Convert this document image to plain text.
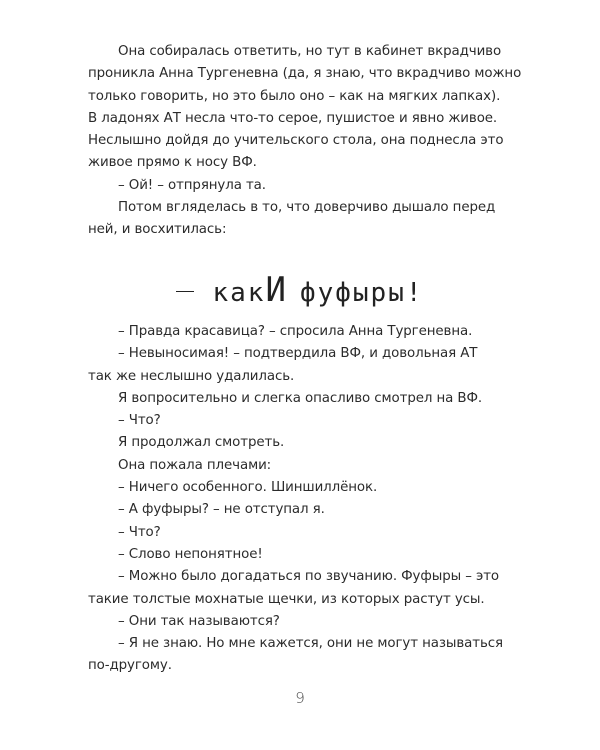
Она собиралась ответить, но тут в кабинет вкрадчиво
проникла Анна Тургеневна (да, я знаю, что вкрадчиво можно
только говорить, но это было оно – как на мягких лапках).
В ладонях АТ несла что-то серое, пушистое и явно живое.
Неслышно дойдя до учительского стола, она поднесла это
живое прямо к носу ВФ.
– Ой! – отпрянула та.
Потом вгляделась в то, что доверчиво дышало перед
ней, и восхитилась:
какИ фуфыры!
– Правда красавица? – спросила Анна Тургеневна.
– Невыносимая! – подтвердила ВФ, и довольная АТ
так же неслышно удалилась.
Я вопросительно и слегка опасливо смотрел на ВФ.
– Что?
Я продолжал смотреть.
Она пожала плечами:
– Ничего особенного. Шиншиллёнок.
– А фуфыры? – не отступал я.
– Что?
– Слово непонятное!
– Можно было догадаться по звучанию. Фуфыры – это
такие толстые мохнатые щечки, из которых растут усы.
– Они так называются?
– Я не знаю. Но мне кажется, они не могут называться
по-другому.
9
